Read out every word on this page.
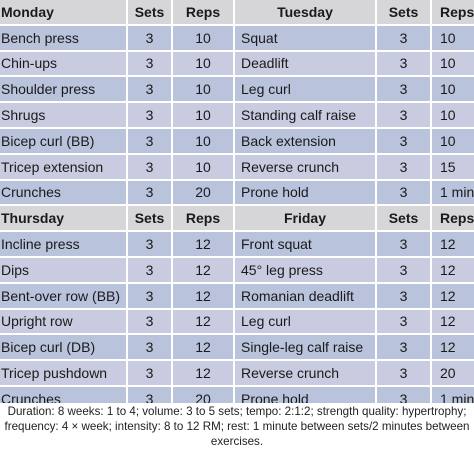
Monday	Sets	Reps	Tuesday	Sets	Reps
Bench press	3	10	Squat	3	10
Chin-ups	3	10	Deadlift	3	10
Shoulder press	3	10	Leg curl	3	10
Shrugs	3	10	Standing calf raise	3	10
Bicep curl (BB)	3	10	Back extension	3	10
Tricep extension	3	10	Reverse crunch	3	15
Crunches	3	20	Prone hold	3	1 min
Thursday	Sets	Reps	Friday	Sets	Reps
Incline press	3	12	Front squat	3	12
Dips	3	12	45° leg press	3	12
Bent-over row (BB)	3	12	Romanian deadlift	3	12
Upright row	3	12	Leg curl	3	12
Bicep curl (DB)	3	12	Single-leg calf raise	3	12
Tricep pushdown	3	12	Reverse crunch	3	20
Crunches	3	20	Prone hold	3	1 min
Duration: 8 weeks: 1 to 4; volume: 3 to 5 sets; tempo: 2:1:2; strength quality: hypertrophy;
frequency: 4 × week; intensity: 8 to 12 RM; rest: 1 minute between sets/2 minutes between
exercises.
